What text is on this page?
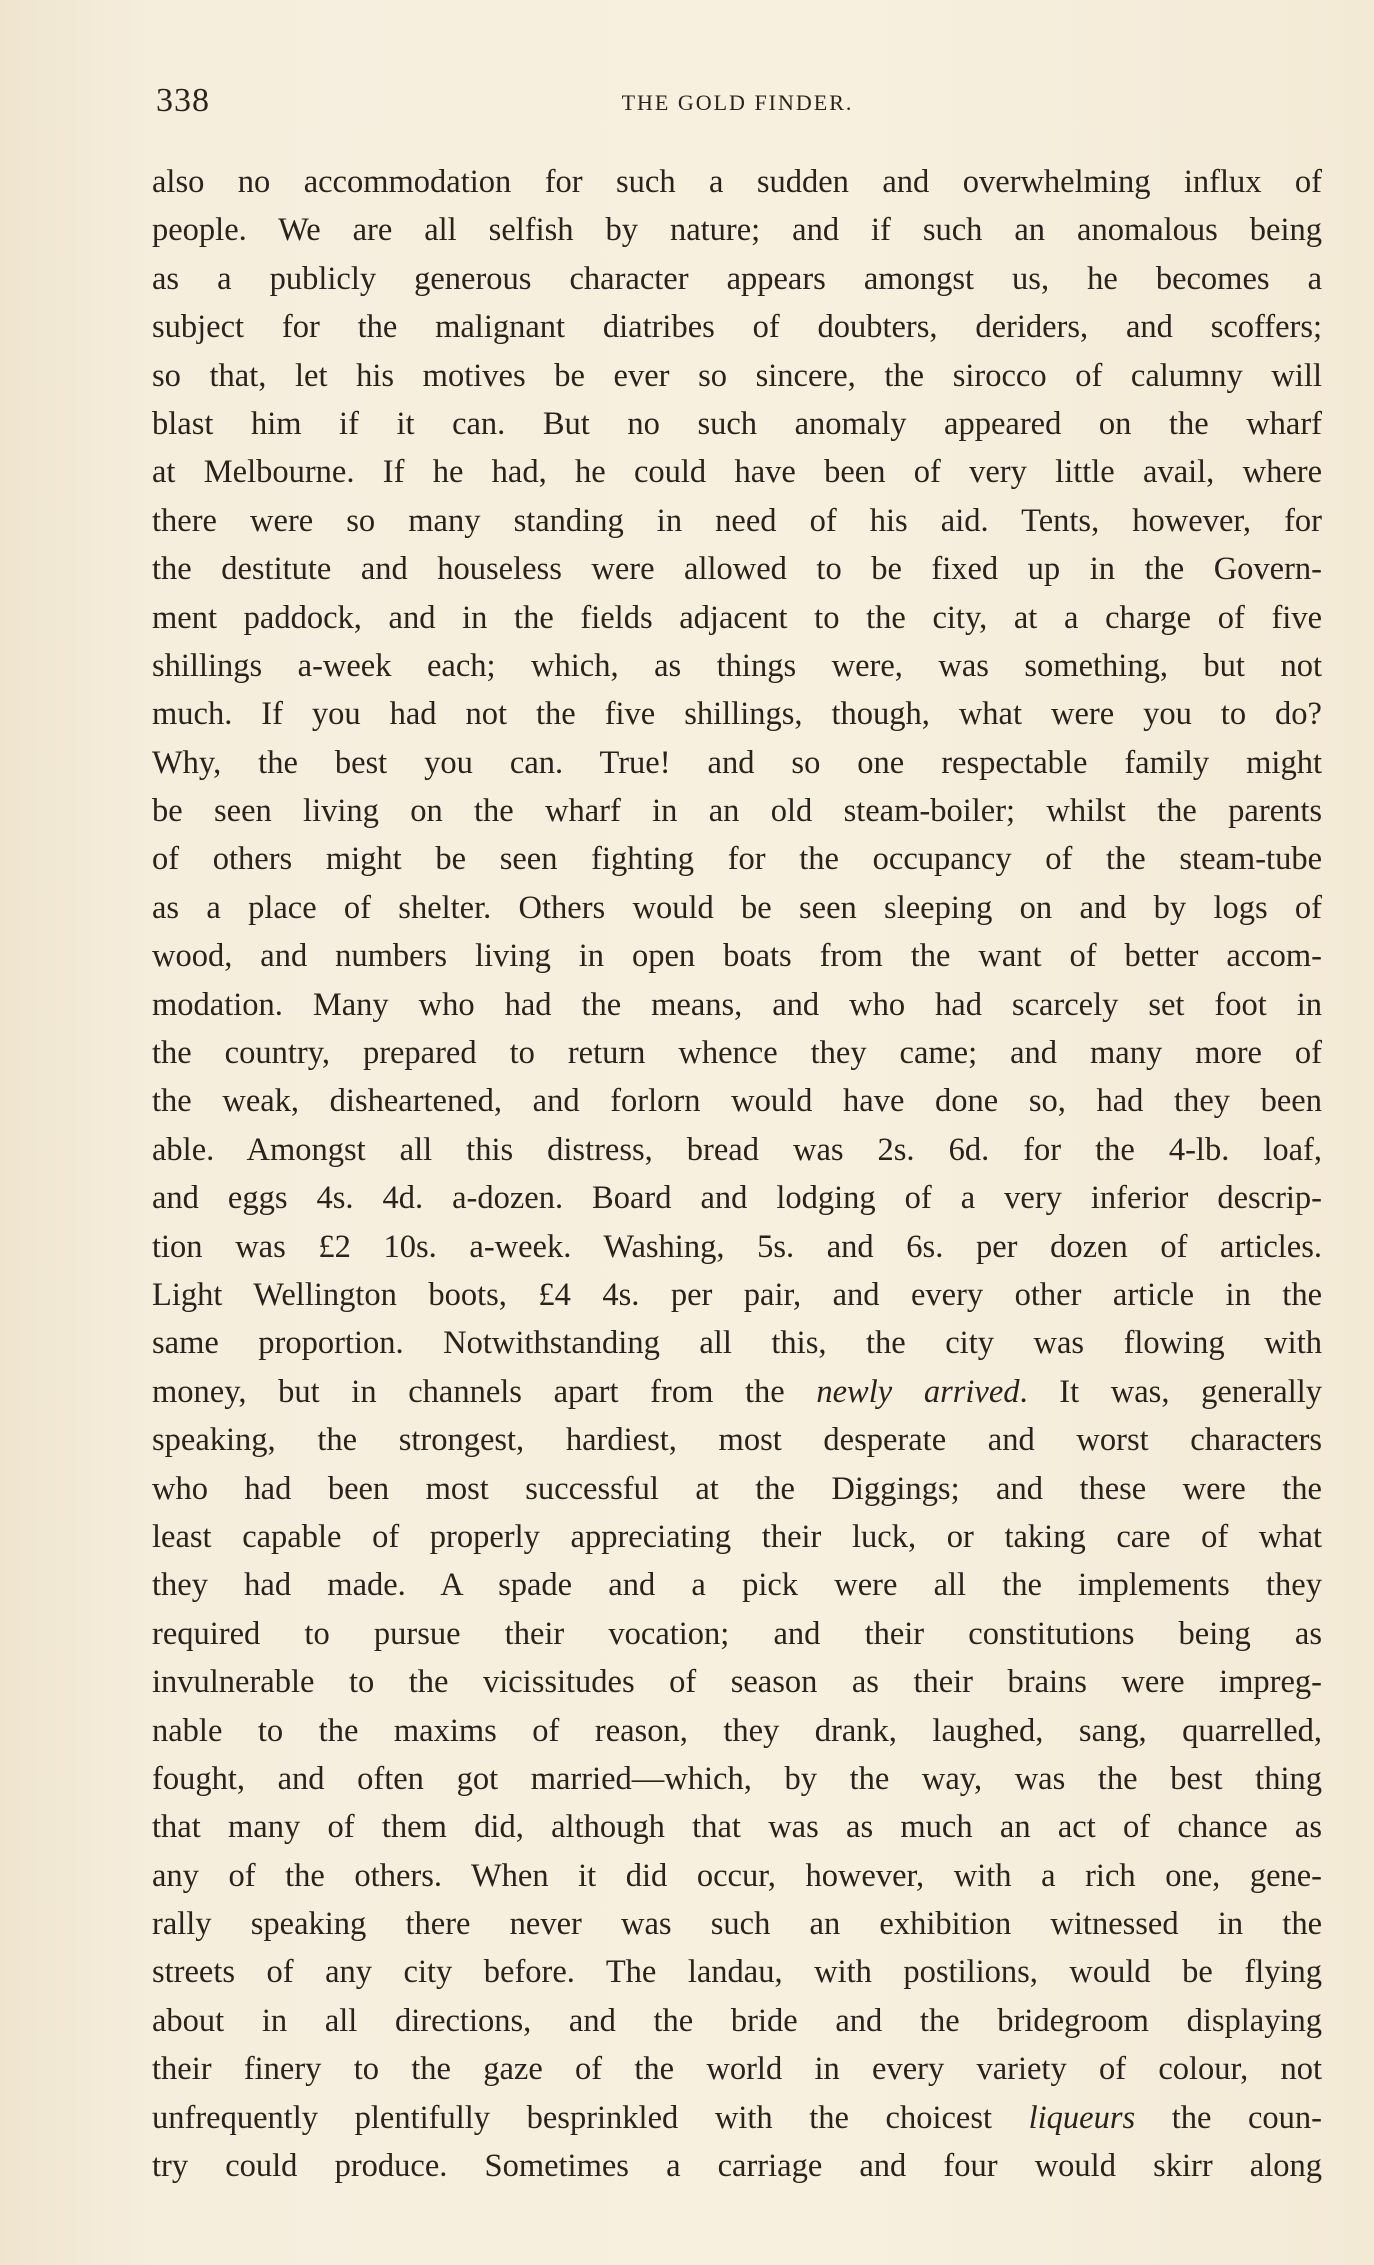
338	THE GOLD FINDER.
also no accommodation for such a sudden and overwhelming influx of
people. We are all selfish by nature; and if such an anomalous being
as a publicly generous character appears amongst us, he becomes a
subject for the malignant diatribes of doubters, deriders, and scoffers;
so that, let his motives be ever so sincere, the sirocco of calumny will
blast him if it can. But no such anomaly appeared on the wharf
at Melbourne. If he had, he could have been of very little avail, where
there were so many standing in need of his aid. Tents, however, for
the destitute and houseless were allowed to be fixed up in the Govern-
ment paddock, and in the fields adjacent to the city, at a charge of five
shillings a-week each; which, as things were, was something, but not
much. If you had not the five shillings, though, what were you to do?
Why, the best you can. True! and so one respectable family might
be seen living on the wharf in an old steam-boiler; whilst the parents
of others might be seen fighting for the occupancy of the steam-tube
as a place of shelter. Others would be seen sleeping on and by logs of
wood, and numbers living in open boats from the want of better accom-
modation. Many who had the means, and who had scarcely set foot in
the country, prepared to return whence they came; and many more of
the weak, disheartened, and forlorn would have done so, had they been
able. Amongst all this distress, bread was 2s. 6d. for the 4-lb. loaf,
and eggs 4s. 4d. a-dozen. Board and lodging of a very inferior descrip-
tion was £2 10s. a-week. Washing, 5s. and 6s. per dozen of articles.
Light Wellington boots, £4 4s. per pair, and every other article in the
same proportion. Notwithstanding all this, the city was flowing with
money, but in channels apart from the newly arrived. It was, generally
speaking, the strongest, hardiest, most desperate and worst characters
who had been most successful at the Diggings; and these were the
least capable of properly appreciating their luck, or taking care of what
they had made. A spade and a pick were all the implements they
required to pursue their vocation; and their constitutions being as
invulnerable to the vicissitudes of season as their brains were impreg-
nable to the maxims of reason, they drank, laughed, sang, quarrelled,
fought, and often got married—which, by the way, was the best thing
that many of them did, although that was as much an act of chance as
any of the others. When it did occur, however, with a rich one, gene-
rally speaking there never was such an exhibition witnessed in the
streets of any city before. The landau, with postilions, would be flying
about in all directions, and the bride and the bridegroom displaying
their finery to the gaze of the world in every variety of colour, not
unfrequently plentifully besprinkled with the choicest liqueurs the coun-
try could produce. Sometimes a carriage and four would skirr along
